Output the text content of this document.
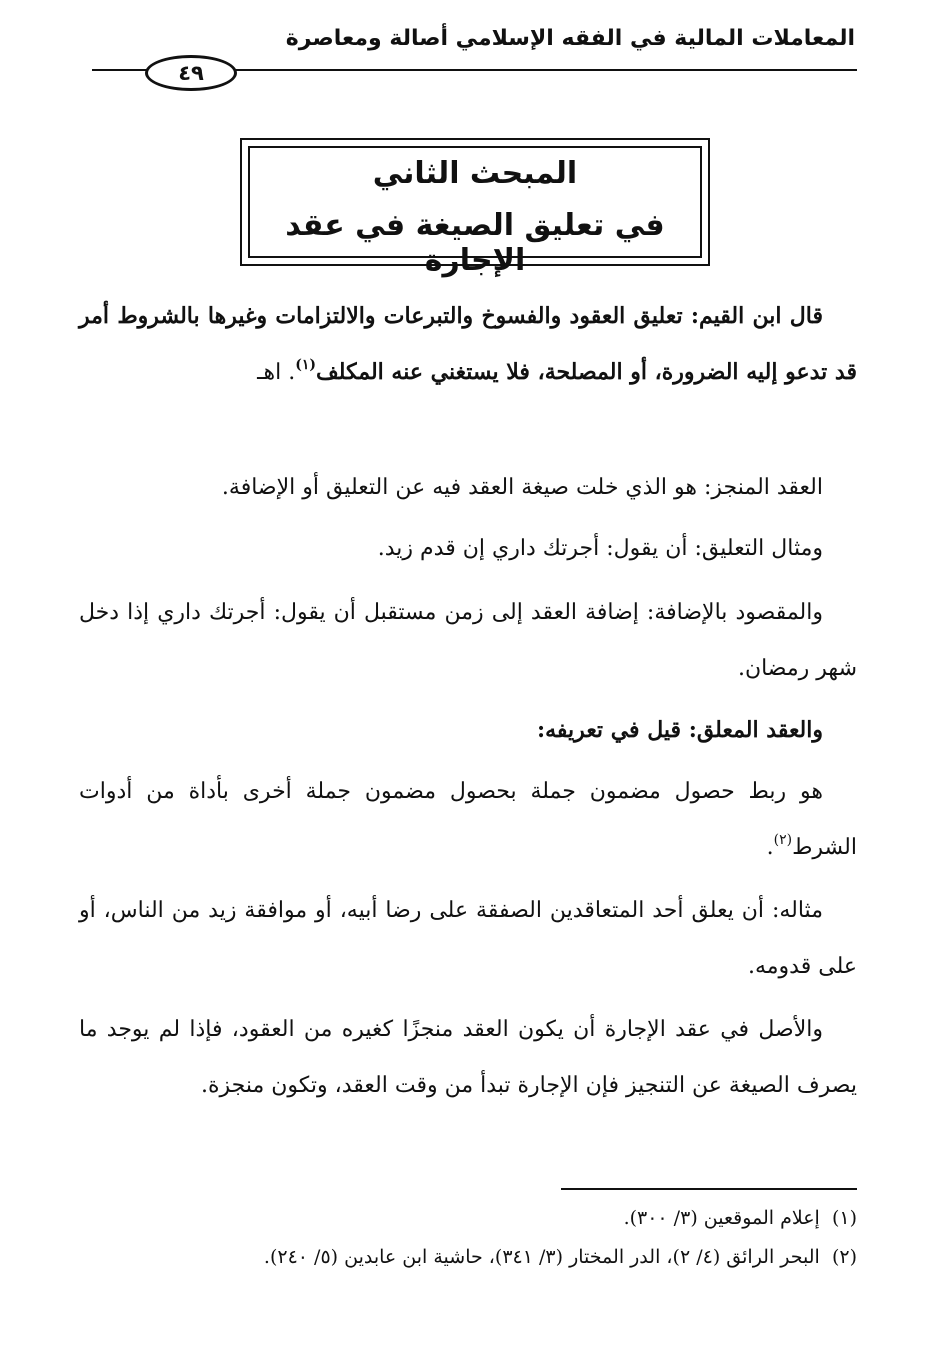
المعاملات المالية في الفقه الإسلامي أصالة ومعاصرة
٤٩
المبحث الثاني
في تعليق الصيغة في عقد الإجارة

قال ابن القيم: تعليق العقود والفسوخ والتبرعات والالتزامات وغيرها بالشروط أمر قد تدعو إليه الضرورة، أو المصلحة، فلا يستغني عنه المكلف$^{(١)}$. اهـ

العقد المنجز: هو الذي خلت صيغة العقد فيه عن التعليق أو الإضافة.

ومثال التعليق: أن يقول: أجرتك داري إن قدم زيد.

والمقصود بالإضافة: إضافة العقد إلى زمن مستقبل أن يقول: أجرتك داري إذا دخل شهر رمضان.

والعقد المعلق: قيل في تعريفه:

هو ربط حصول مضمون جملة بحصول مضمون جملة أخرى بأداة من أدوات الشرط$^{(٢)}$.

مثاله: أن يعلق أحد المتعاقدين الصفقة على رضا أبيه، أو موافقة زيد من الناس، أو على قدومه.

والأصل في عقد الإجارة أن يكون العقد منجزًا كغيره من العقود، فإذا لم يوجد ما يصرف الصيغة عن التنجيز فإن الإجارة تبدأ من وقت العقد، وتكون منجزة.

(١)  إعلام الموقعين (٣/ ٣٠٠).

(٢)  البحر الرائق (٤/ ٢)، الدر المختار (٣/ ٣٤١)، حاشية ابن عابدين (٥/ ٢٤٠).
